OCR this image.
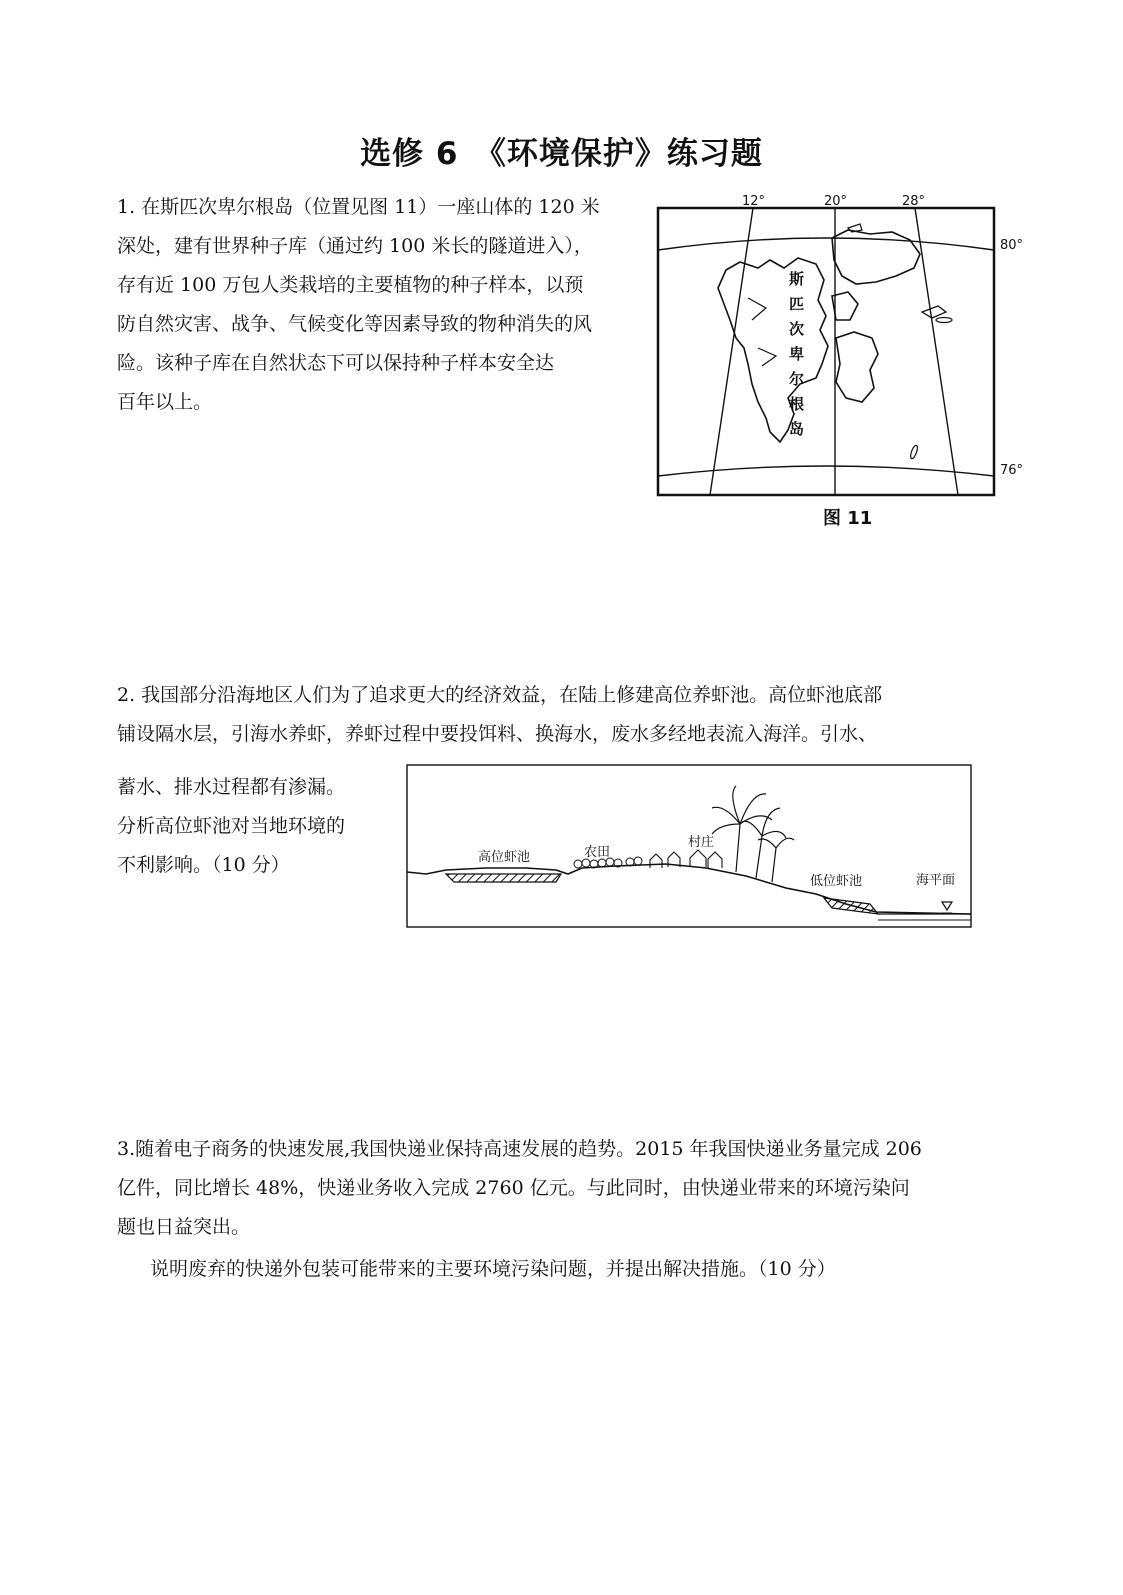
选修 6　《环境保护》练习题
1. 在斯匹次卑尔根岛（位置见图 11）一座山体的 120 米
深处，建有世界种子库（通过约 100 米长的隧道进入），
存有近 100 万包人类栽培的主要植物的种子样本，以预
防自然灾害、战争、气候变化等因素导致的物种消失的风
险。该种子库在自然状态下可以保持种子样本安全达
百年以上。
12°	20°	28°
80°
76°
斯
匹
次
卑
尔
根
岛
图 11
2. 我国部分沿海地区人们为了追求更大的经济效益，在陆上修建高位养虾池。高位虾池底部
铺设隔水层，引海水养虾，养虾过程中要投饵料、换海水，废水多经地表流入海洋。引水、
蓄水、排水过程都有渗漏。
分析高位虾池对当地环境的
不利影响。（10 分）	高位虾池	农田
村庄
低位虾池	海平面
3.随着电子商务的快速发展,我国快递业保持高速发展的趋势。2015 年我国快递业务量完成 206
亿件，同比增长 48%，快递业务收入完成 2760 亿元。与此同时，由快递业带来的环境污染问
题也日益突出。
说明废弃的快递外包装可能带来的主要环境污染问题，并提出解决措施。（10 分）
